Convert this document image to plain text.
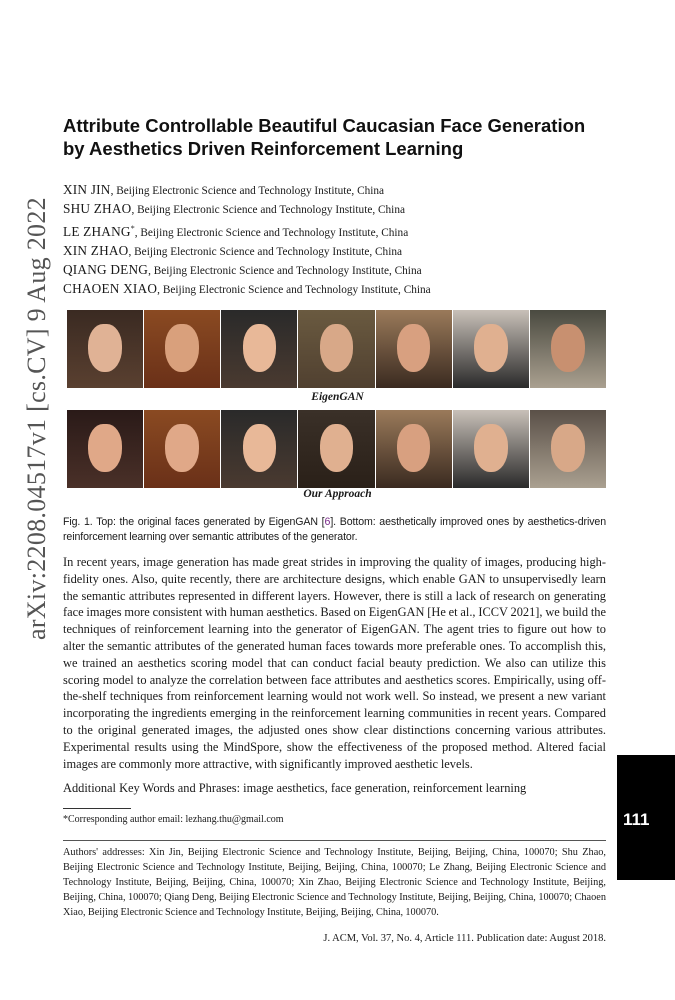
arXiv:2208.04517v1 [cs.CV] 9 Aug 2022
Attribute Controllable Beautiful Caucasian Face Generation
by Aesthetics Driven Reinforcement Learning
XIN JIN, Beijing Electronic Science and Technology Institute, China
SHU ZHAO, Beijing Electronic Science and Technology Institute, China
LE ZHANG*, Beijing Electronic Science and Technology Institute, China
XIN ZHAO, Beijing Electronic Science and Technology Institute, China
QIANG DENG, Beijing Electronic Science and Technology Institute, China
CHAOEN XIAO, Beijing Electronic Science and Technology Institute, China
EigenGAN
Our Approach
Fig. 1. Top: the original faces generated by EigenGAN [6]. Bottom: aesthetically improved ones by aesthetics-driven reinforcement learning over semantic attributes of the generator.
In recent years, image generation has made great strides in improving the quality of images, producing high-fidelity ones. Also, quite recently, there are architecture designs, which enable GAN to unsupervisedly learn the semantic attributes represented in different layers. However, there is still a lack of research on generating face images more consistent with human aesthetics. Based on EigenGAN [He et al., ICCV 2021], we build the techniques of reinforcement learning into the generator of EigenGAN. The agent tries to figure out how to alter the semantic attributes of the generated human faces towards more preferable ones. To accomplish this, we trained an aesthetics scoring model that can conduct facial beauty prediction. We also can utilize this scoring model to analyze the correlation between face attributes and aesthetics scores. Empirically, using off-the-shelf techniques from reinforcement learning would not work well. So instead, we present a new variant incorporating the ingredients emerging in the reinforcement learning communities in recent years. Compared to the original generated images, the adjusted ones show clear distinctions concerning various attributes. Experimental results using the MindSpore, show the effectiveness of the proposed method. Altered facial images are commonly more attractive, with significantly improved aesthetic levels.
Additional Key Words and Phrases: image aesthetics, face generation, reinforcement learning
*Corresponding author email: lezhang.thu@gmail.com
Authors' addresses: Xin Jin, Beijing Electronic Science and Technology Institute, Beijing, Beijing, China, 100070; Shu Zhao, Beijing Electronic Science and Technology Institute, Beijing, Beijing, China, 100070; Le Zhang, Beijing Electronic Science and Technology Institute, Beijing, Beijing, China, 100070; Xin Zhao, Beijing Electronic Science and Technology Institute, Beijing, Beijing, China, 100070; Qiang Deng, Beijing Electronic Science and Technology Institute, Beijing, Beijing, China, 100070; Chaoen Xiao, Beijing Electronic Science and Technology Institute, Beijing, Beijing, China, 100070.
J. ACM, Vol. 37, No. 4, Article 111. Publication date: August 2018.
111
